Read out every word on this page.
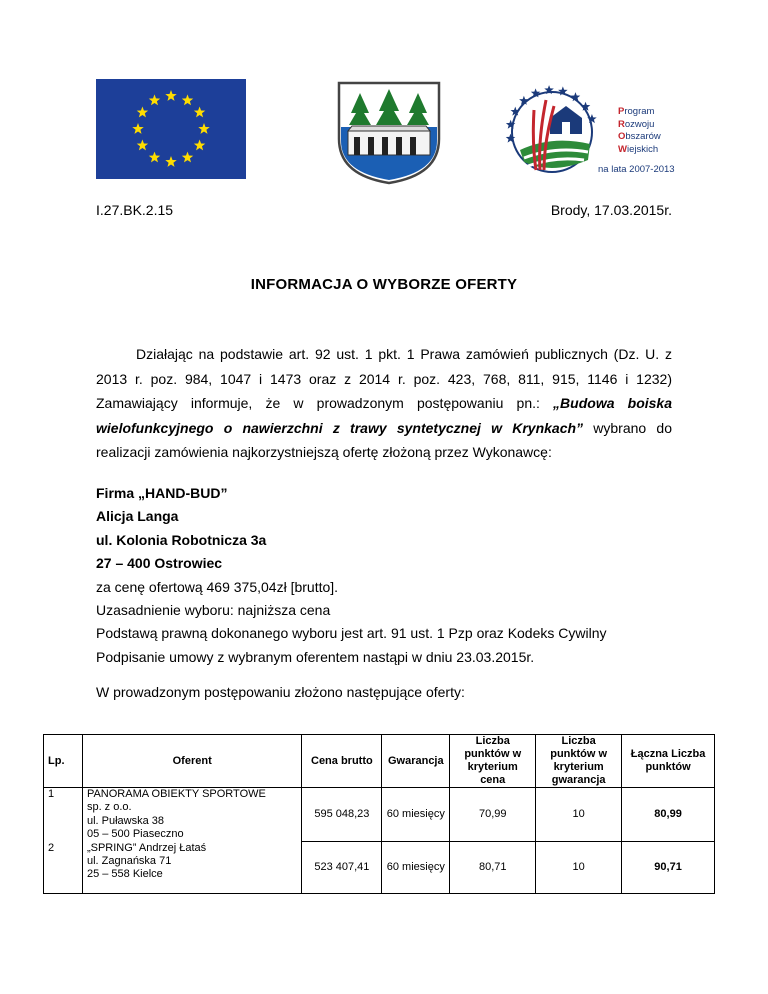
Program
Rozwoju
Obszarów
Wiejskich
na lata 2007-2013
I.27.BK.2.15	Brody, 17.03.2015r.
INFORMACJA O WYBORZE OFERTY

Działając na podstawie art. 92 ust. 1 pkt. 1 Prawa zamówień publicznych (Dz. U. z 2013 r. poz. 984, 1047 i 1473 oraz z 2014 r. poz. 423, 768, 811, 915, 1146 i 1232) Zamawiający informuje, że w prowadzonym postępowaniu pn.: „Budowa boiska wielofunkcyjnego o nawierzchni z trawy syntetycznej w Krynkach” wybrano do realizacji zamówienia najkorzystniejszą ofertę złożoną przez Wykonawcę:

Firma „HAND-BUD”
Alicja Langa
ul. Kolonia Robotnicza 3a
27 – 400 Ostrowiec
za cenę ofertową 469 375,04zł [brutto].
Uzasadnienie wyboru: najniższa cena
Podstawą prawną dokonanego wyboru jest art. 91 ust. 1 Pzp oraz Kodeks Cywilny
Podpisanie umowy z wybranym oferentem nastąpi w dniu 23.03.2015r.
W prowadzonym postępowaniu złożono następujące oferty:
Lp.	Oferent	Cena brutto	Gwarancja	Liczba punktów w kryterium cena	Liczba punktów w kryterium gwarancja	Łączna Liczba punktów
1	PANORAMA OBIEKTY SPORTOWE
sp. z o.o.
ul. Puławska 38
05 – 500 Piaseczno	595 048,23	60 miesięcy	70,99	10	80,99
2	„SPRING” Andrzej Łataś
ul. Zagnańska 71
25 – 558 Kielce	523 407,41	60 miesięcy	80,71	10	90,71
